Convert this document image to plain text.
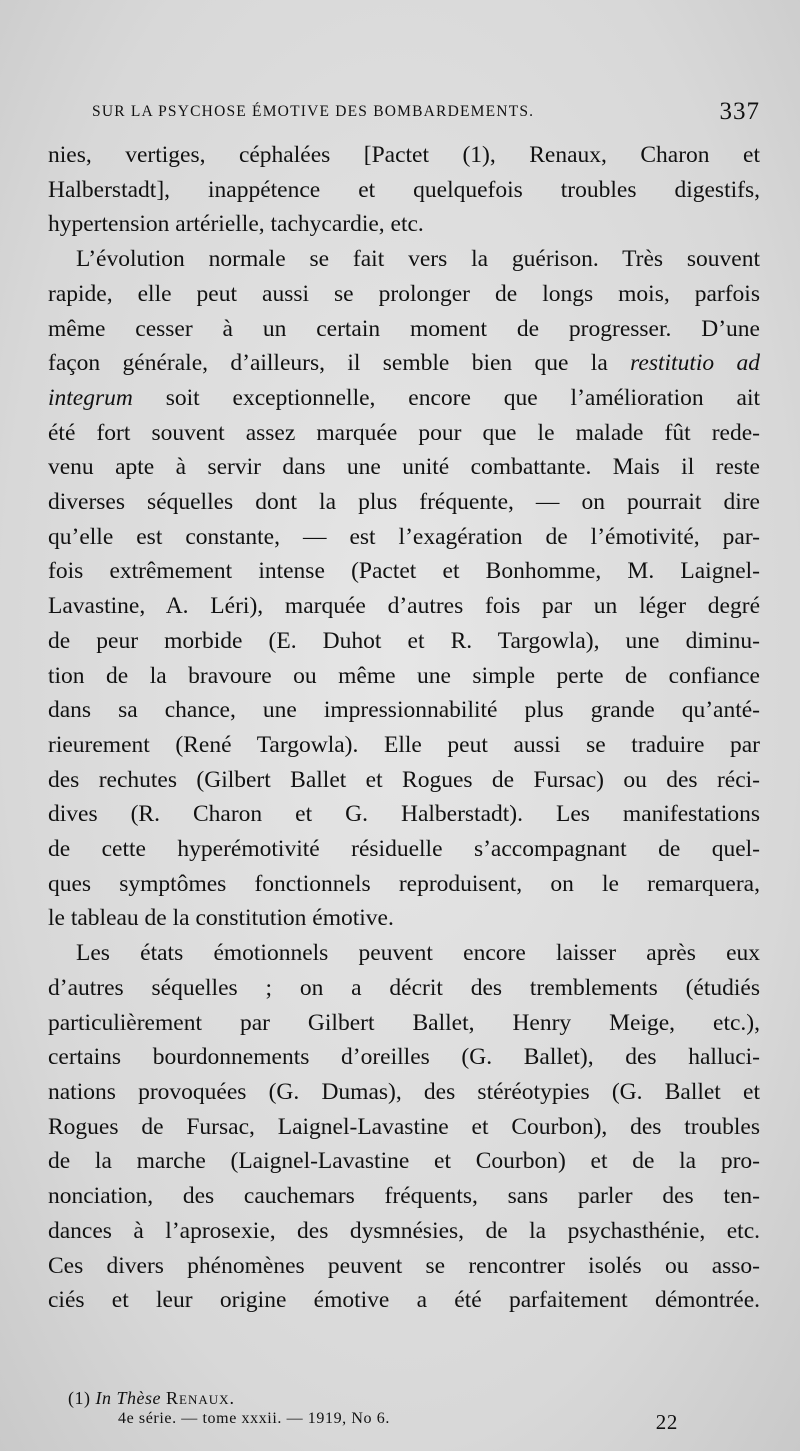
SUR LA PSYCHOSE ÉMOTIVE DES BOMBARDEMENTS.	337

nies, vertiges, céphalées [Pactet (1), Renaux, Charon et
Halberstadt], inappétence et quelquefois troubles digestifs,
hypertension artérielle, tachycardie, etc.

L’évolution normale se fait vers la guérison. Très souvent
rapide, elle peut aussi se prolonger de longs mois, parfois
même cesser à un certain moment de progresser. D’une
façon générale, d’ailleurs, il semble bien que la restitutio ad
integrum soit exceptionnelle, encore que l’amélioration ait
été fort souvent assez marquée pour que le malade fût rede-
venu apte à servir dans une unité combattante. Mais il reste
diverses séquelles dont la plus fréquente, — on pourrait dire
qu’elle est constante, — est l’exagération de l’émotivité, par-
fois extrêmement intense (Pactet et Bonhomme, M. Laignel-
Lavastine, A. Léri), marquée d’autres fois par un léger degré
de peur morbide (E. Duhot et R. Targowla), une diminu-
tion de la bravoure ou même une simple perte de confiance
dans sa chance, une impressionnabilité plus grande qu’anté-
rieurement (René Targowla). Elle peut aussi se traduire par
des rechutes (Gilbert Ballet et Rogues de Fursac) ou des réci-
dives (R. Charon et G. Halberstadt). Les manifestations
de cette hyperémotivité résiduelle s’accompagnant de quel-
ques symptômes fonctionnels reproduisent, on le remarquera,
le tableau de la constitution émotive.

Les états émotionnels peuvent encore laisser après eux
d’autres séquelles ; on a décrit des tremblements (étudiés
particulièrement par Gilbert Ballet, Henry Meige, etc.),
certains bourdonnements d’oreilles (G. Ballet), des halluci-
nations provoquées (G. Dumas), des stéréotypies (G. Ballet et
Rogues de Fursac, Laignel-Lavastine et Courbon), des troubles
de la marche (Laignel-Lavastine et Courbon) et de la pro-
nonciation, des cauchemars fréquents, sans parler des ten-
dances à l’aprosexie, des dysmnésies, de la psychasthénie, etc.
Ces divers phénomènes peuvent se rencontrer isolés ou asso-
ciés et leur origine émotive a été parfaitement démontrée.

(1) In Thèse Renaux.
4e série. — tome xxxii. — 1919, No 6.	22
